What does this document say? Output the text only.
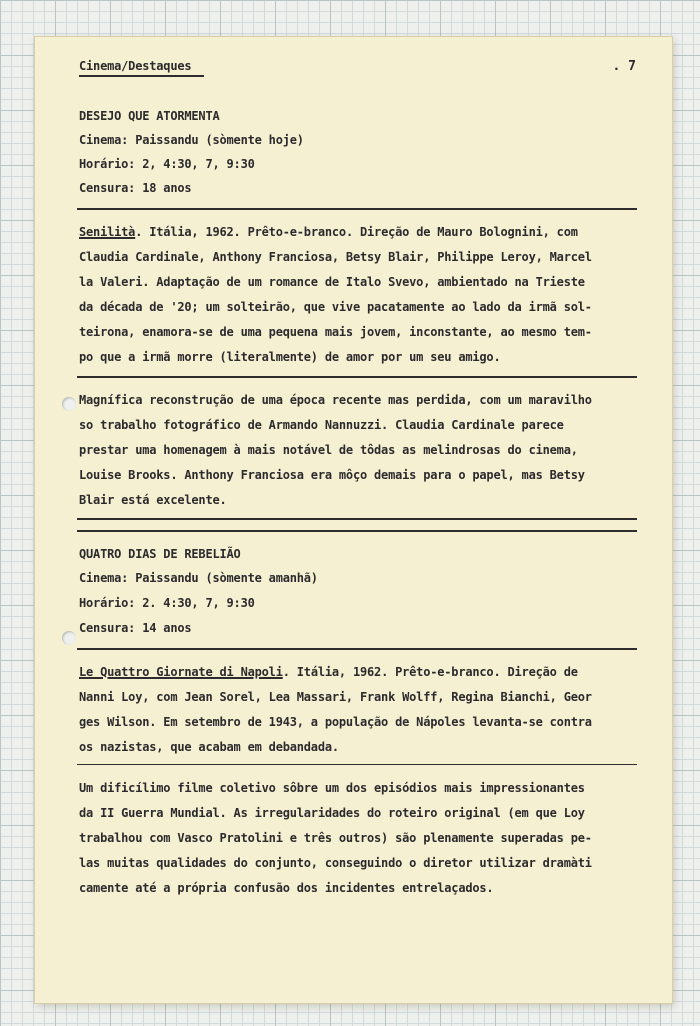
Cinema/Destaques	. 7

DESEJO QUE ATORMENTA

Cinema: Paissandu (sòmente hoje)

Horário: 2, 4:30, 7, 9:30

Censura: 18 anos

Senilità. Itália, 1962. Prêto-e-branco. Direção de Mauro Bolognini, com

Claudia Cardinale, Anthony Franciosa, Betsy Blair, Philippe Leroy, Marcel

la Valeri. Adaptação de um romance de Italo Svevo, ambientado na Trieste

da década de '20; um solteirão, que vive pacatamente ao lado da irmã sol-

teirona, enamora-se de uma pequena mais jovem, inconstante, ao mesmo tem-

po que a irmã morre (literalmente) de amor por um seu amigo.

Magnífica reconstrução de uma época recente mas perdida, com um maravilho

so trabalho fotográfico de Armando Nannuzzi. Claudia Cardinale parece

prestar uma homenagem à mais notável de tôdas as melindrosas do cinema,

Louise Brooks. Anthony Franciosa era môço demais para o papel, mas Betsy

Blair está excelente.

QUATRO DIAS DE REBELIÃO

Cinema: Paissandu (sòmente amanhã)

Horário: 2. 4:30, 7, 9:30

Censura: 14 anos

Le Quattro Giornate di Napoli. Itália, 1962. Prêto-e-branco. Direção de

Nanni Loy, com Jean Sorel, Lea Massari, Frank Wolff, Regina Bianchi, Geor

ges Wilson. Em setembro de 1943, a população de Nápoles levanta-se contra

os nazistas, que acabam em debandada.

Um dificílimo filme coletivo sôbre um dos episódios mais impressionantes

da II Guerra Mundial. As irregularidades do roteiro original (em que Loy

trabalhou com Vasco Pratolini e três outros) são plenamente superadas pe-

las muitas qualidades do conjunto, conseguindo o diretor utilizar dramàti

camente até a própria confusão dos incidentes entrelaçados.
